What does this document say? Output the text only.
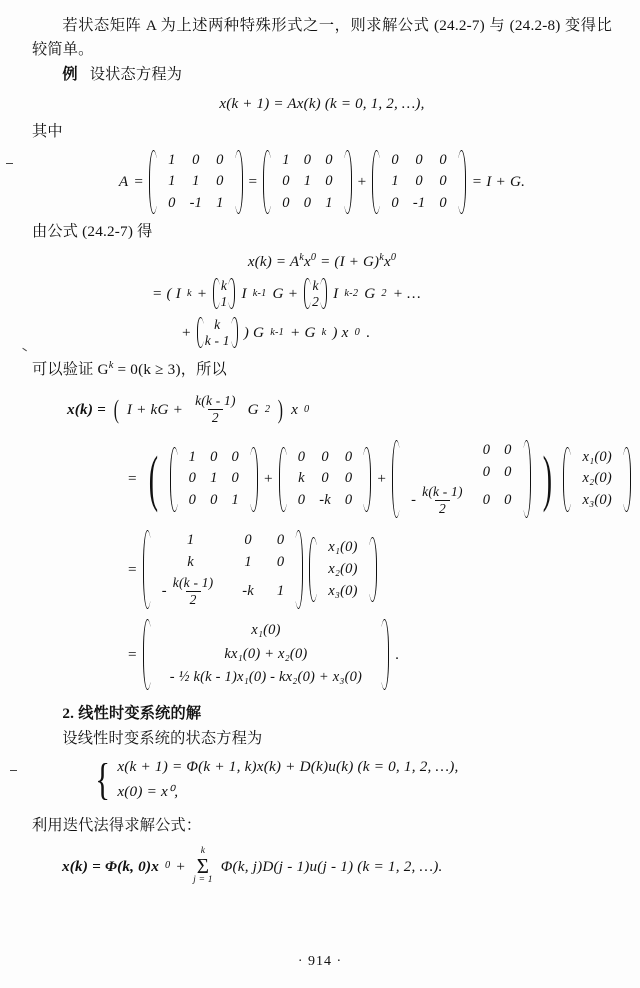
若状态矩阵 A 为上述两种特殊形式之一，则求解公式 (24.2-7) 与 (24.2-8) 变得比较简单。

例 设状态方程为

x(k + 1) = Ax(k) (k = 0, 1, 2, …),

其中

A =
1	0	0
1	1	0
0	-1	1
=
1	0	0
0	1	0
0	0	1
+
0	0	0
1	0	0
0	-1	0
= I + G.

由公式 (24.2-7) 得

$x(k) = A^kx^0 = (I + G)^kx^0$
= ( I k + k
1 I k-1 G + k
2 I k-2 G 2 + …
+ k
k - 1 ) G k-1 + G k ) x 0 .

可以验证 $G^k = 0(k \ge 3)$，所以

x(k) = ( I + kG + $\frac{k(k - 1)}{2}$ G 2 ) x 0
= ( 1	0	0
0	1	0
0	0	1
+
0	0	0
k	0	0
0	-k	0
+
	0	0
	0	0

- $\frac{k(k - 1)}{2}$	0	0 ) x₁(0)
x₂(0)
x₃(0)
=
1	0	0
k	1	0

- $\frac{k(k - 1)}{2}$	-k	1
x₁(0)
x₂(0)
x₃(0)
=
x₁(0)
kx₁(0) + x₂(0)
- ½ k(k - 1)x₁(0) - kx₂(0) + x₃(0)
.

2. 线性时变系统的解

设线性时变系统的状态方程为

{ x(k + 1) = Φ(k + 1, k)x(k) + D(k)u(k) (k = 0, 1, 2, …),
x(0) = x⁰,

利用迭代法得求解公式：

x(k) = Φ(k, 0)x 0 +
k
Σ
j = 1
Φ(k, j)D(j - 1)u(j - 1) (k = 1, 2, …).
· 914 ·
